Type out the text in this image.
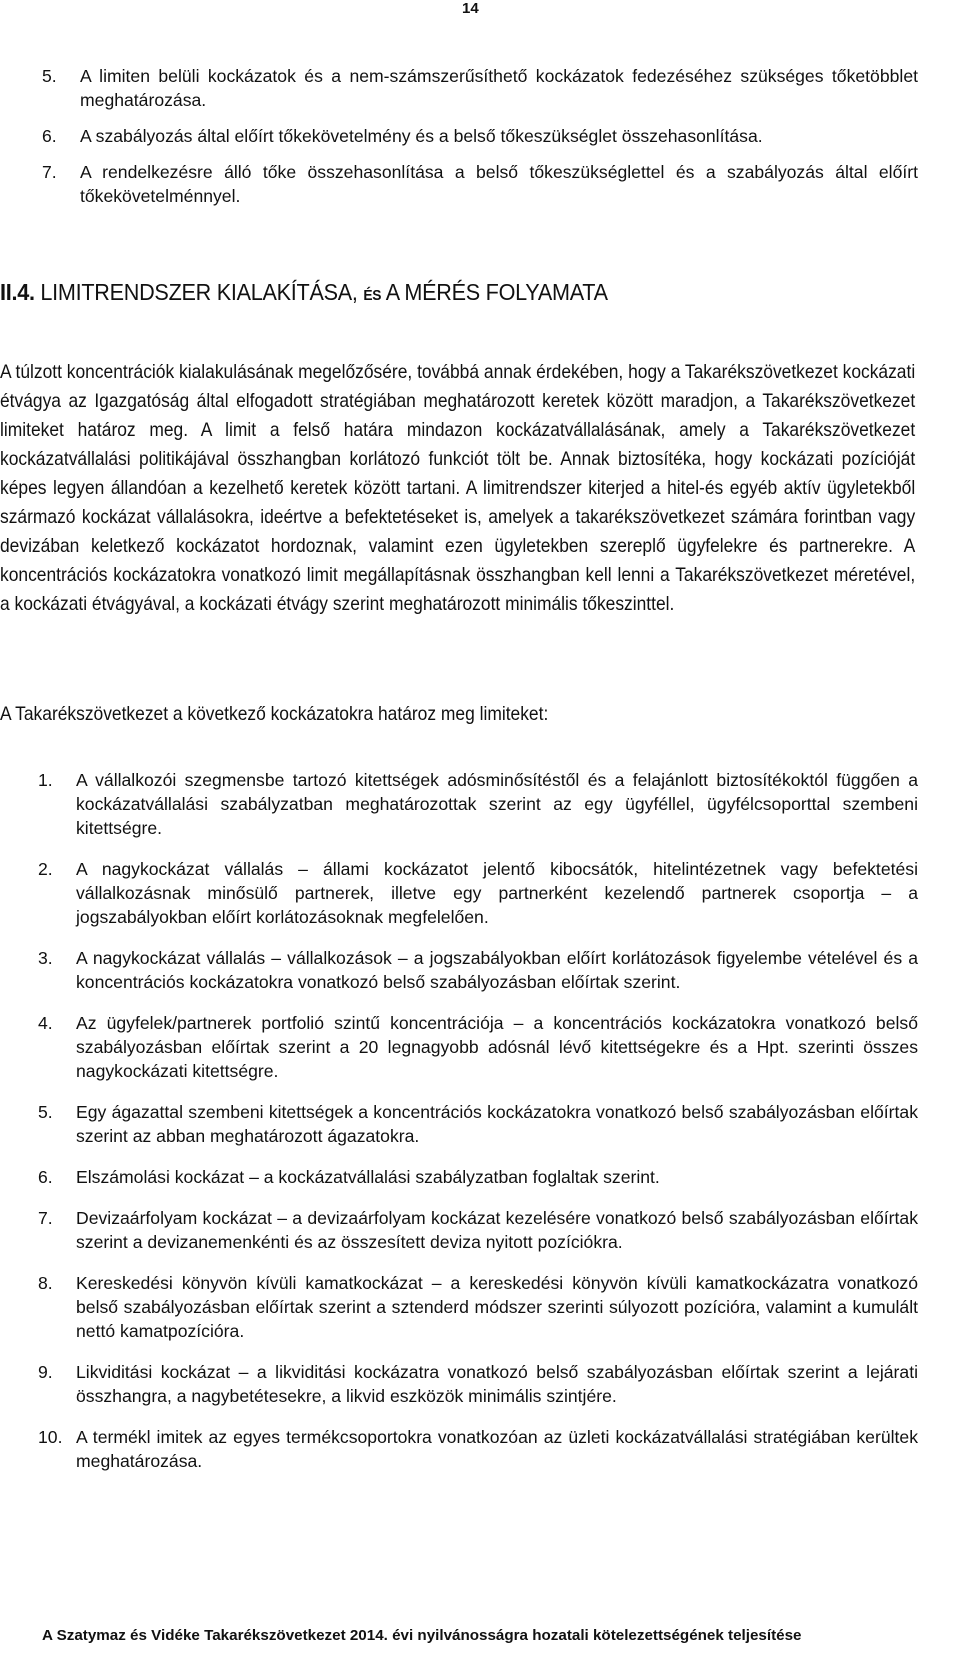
14
5. A limiten belüli kockázatok és a nem-számszerűsíthető kockázatok fedezéséhez szükséges tőketöbblet meghatározása.
6. A szabályozás által előírt tőkekövetelmény és a belső tőkeszükséglet összehasonlítása.
7. A rendelkezésre álló tőke összehasonlítása a belső tőkeszükséglettel és a szabályozás által előírt tőkekövetelménnyel.
II.4. LIMITRENDSZER KIALAKÍTÁSA, ÉS A MÉRÉS FOLYAMATA
A túlzott koncentrációk kialakulásának megelőzősére, továbbá annak érdekében, hogy a Takarékszövetkezet kockázati étvágya az Igazgatóság által elfogadott stratégiában meghatározott keretek között maradjon, a Takarékszövetkezet limiteket határoz meg. A limit a felső határa mindazon kockázatvállalásának, amely a Takarékszövetkezet kockázatvállalási politikájával összhangban korlátozó funkciót tölt be. Annak biztosítéka, hogy kockázati pozícióját képes legyen állandóan a kezelhető keretek között tartani. A limitrendszer kiterjed a hitel-és egyéb aktív ügyletekből származó kockázat vállalásokra, ideértve a befektetéseket is, amelyek a takarékszövetkezet számára forintban vagy devizában keletkező kockázatot hordoznak, valamint ezen ügyletekben szereplő ügyfelekre és partnerekre. A koncentrációs kockázatokra vonatkozó limit megállapításnak összhangban kell lenni a Takarékszövetkezet méretével, a kockázati étvágyával, a kockázati étvágy szerint meghatározott minimális tőkeszinttel.
A Takarékszövetkezet a következő kockázatokra határoz meg limiteket:
1. A vállalkozói szegmensbe tartozó kitettségek adósminősítéstől és a felajánlott biztosítékoktól függően a kockázatvállalási szabályzatban meghatározottak szerint az egy ügyféllel, ügyfélcsoporttal szembeni kitettségre.
2. A nagykockázat vállalás – állami kockázatot jelentő kibocsátók, hitelintézetnek vagy befektetési vállalkozásnak minősülő partnerek, illetve egy partnerként kezelendő partnerek csoportja – a jogszabályokban előírt korlátozásoknak megfelelően.
3. A nagykockázat vállalás – vállalkozások – a jogszabályokban előírt korlátozások figyelembe vételével és a koncentrációs kockázatokra vonatkozó belső szabályozásban előírtak szerint.
4. Az ügyfelek/partnerek portfolió szintű koncentrációja – a koncentrációs kockázatokra vonatkozó belső szabályozásban előírtak szerint a 20 legnagyobb adósnál lévő kitettségekre és a Hpt. szerinti összes nagykockázati kitettségre.
5. Egy ágazattal szembeni kitettségek a koncentrációs kockázatokra vonatkozó belső szabályozásban előírtak szerint az abban meghatározott ágazatokra.
6. Elszámolási kockázat – a kockázatvállalási szabályzatban foglaltak szerint.
7. Devizaárfolyam kockázat – a devizaárfolyam kockázat kezelésére vonatkozó belső szabályozásban előírtak szerint a devizanemenkénti és az összesített deviza nyitott pozíciókra.
8. Kereskedési könyvön kívüli kamatkockázat – a kereskedési könyvön kívüli kamatkockázatra vonatkozó belső szabályozásban előírtak szerint a sztenderd módszer szerinti súlyozott pozícióra, valamint a kumulált nettó kamatpozícióra.
9. Likviditási kockázat – a likviditási kockázatra vonatkozó belső szabályozásban előírtak szerint a lejárati összhangra, a nagybetétesekre, a likvid eszközök minimális szintjére.
10. A termékl imitek az egyes termékcsoportokra vonatkozóan az üzleti kockázatvállalási stratégiában kerültek meghatározása.
A Szatymaz és Vidéke Takarékszövetkezet 2014. évi nyilvánosságra hozatali kötelezettségének teljesítése
